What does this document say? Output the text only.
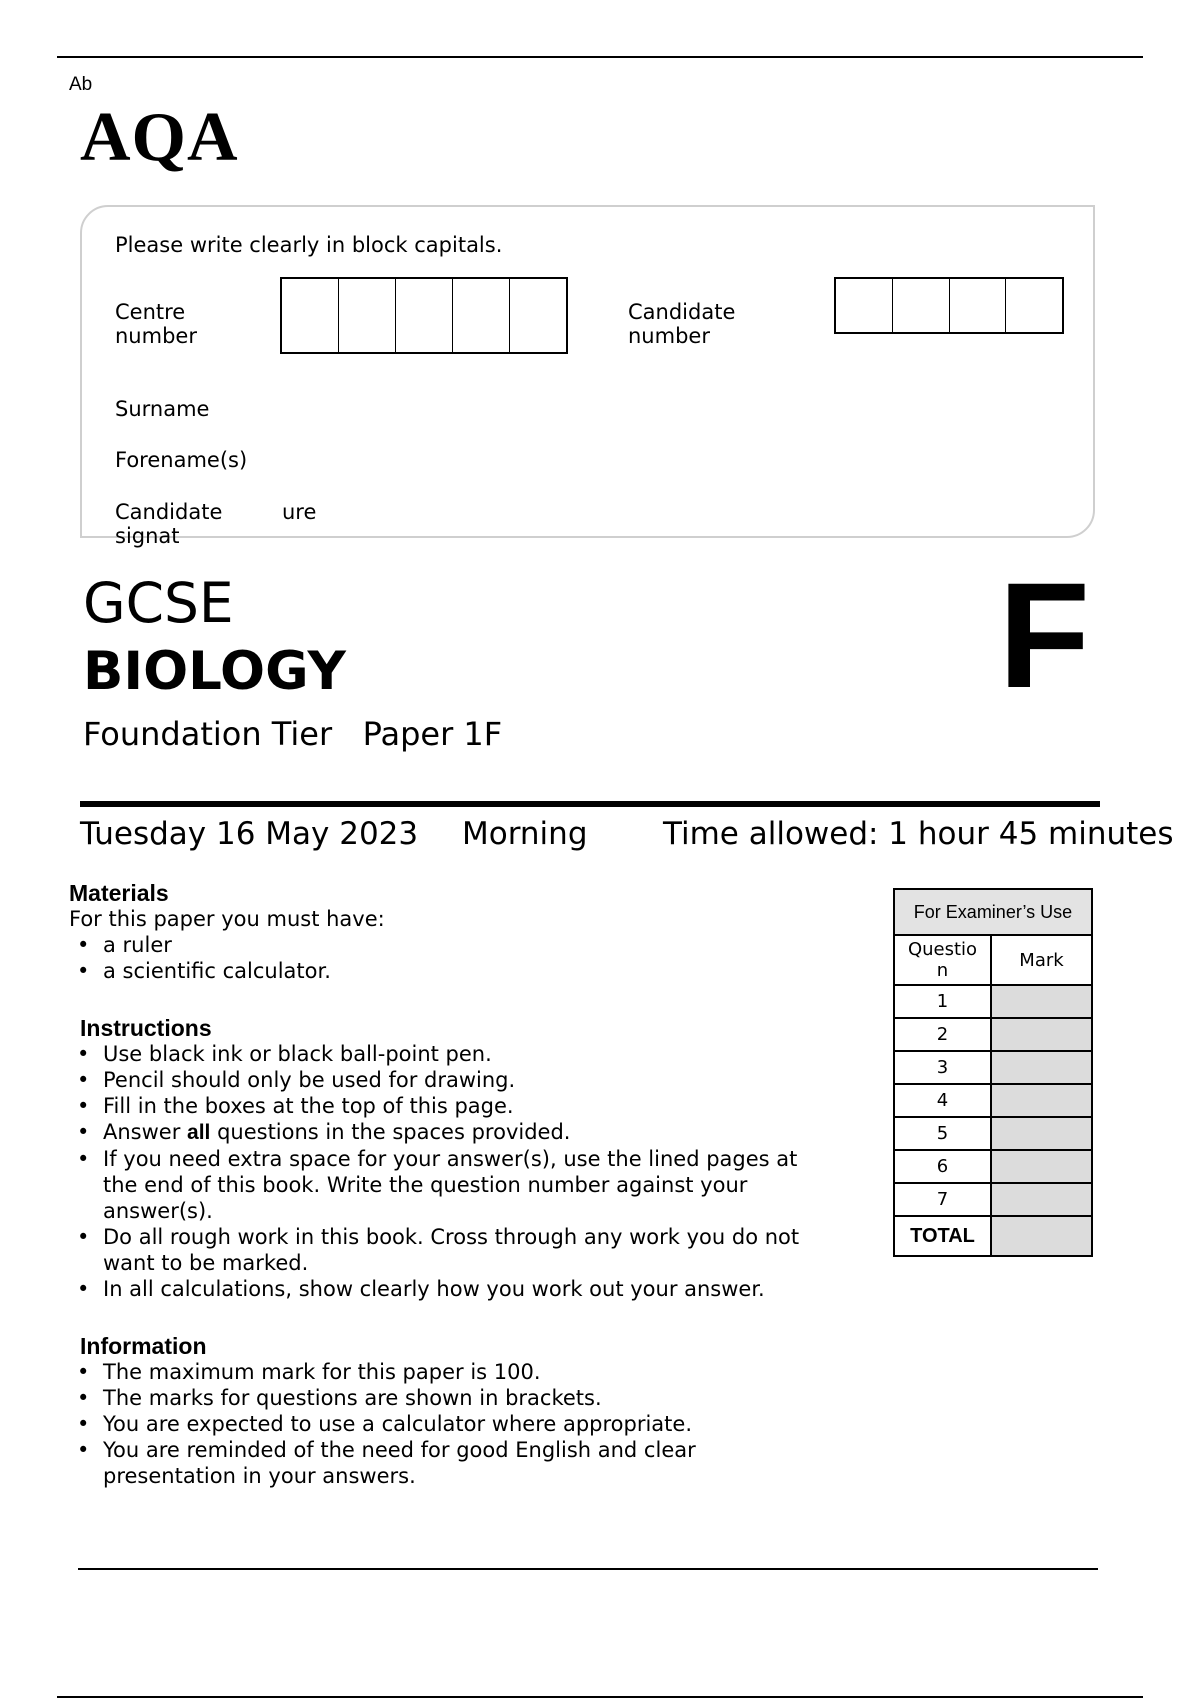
Ab
AQA
Please write clearly in block capitals.
Centre
number
Candidate
number
Surname
Forename(s)
Candidate
signat
ure
GCSE
BIOLOGY
Foundation Tier   Paper 1F
F
Tuesday 16 May 2023 Morning Time allowed: 1 hour 45 minutes
Materials
For this paper you must have:
• a ruler
• a scientific calculator.
Instructions
• Use black ink or black ball-point pen.
• Pencil should only be used for drawing.
• Fill in the boxes at the top of this page.
• Answer all questions in the spaces provided.
• If you need extra space for your answer(s), use the lined pages at the end of this book. Write the question number against your answer(s).
• Do all rough work in this book. Cross through any work you do not want to be marked.
• In all calculations, show clearly how you work out your answer.
Information
• The maximum mark for this paper is 100.
• The marks for questions are shown in brackets.
• You are expected to use a calculator where appropriate.
• You are reminded of the need for good English and clear presentation in your answers.
For Examiner’s Use	
Questio
n	Mark
1	
2	
3	
4	
5	
6	
7	
TOTAL	
